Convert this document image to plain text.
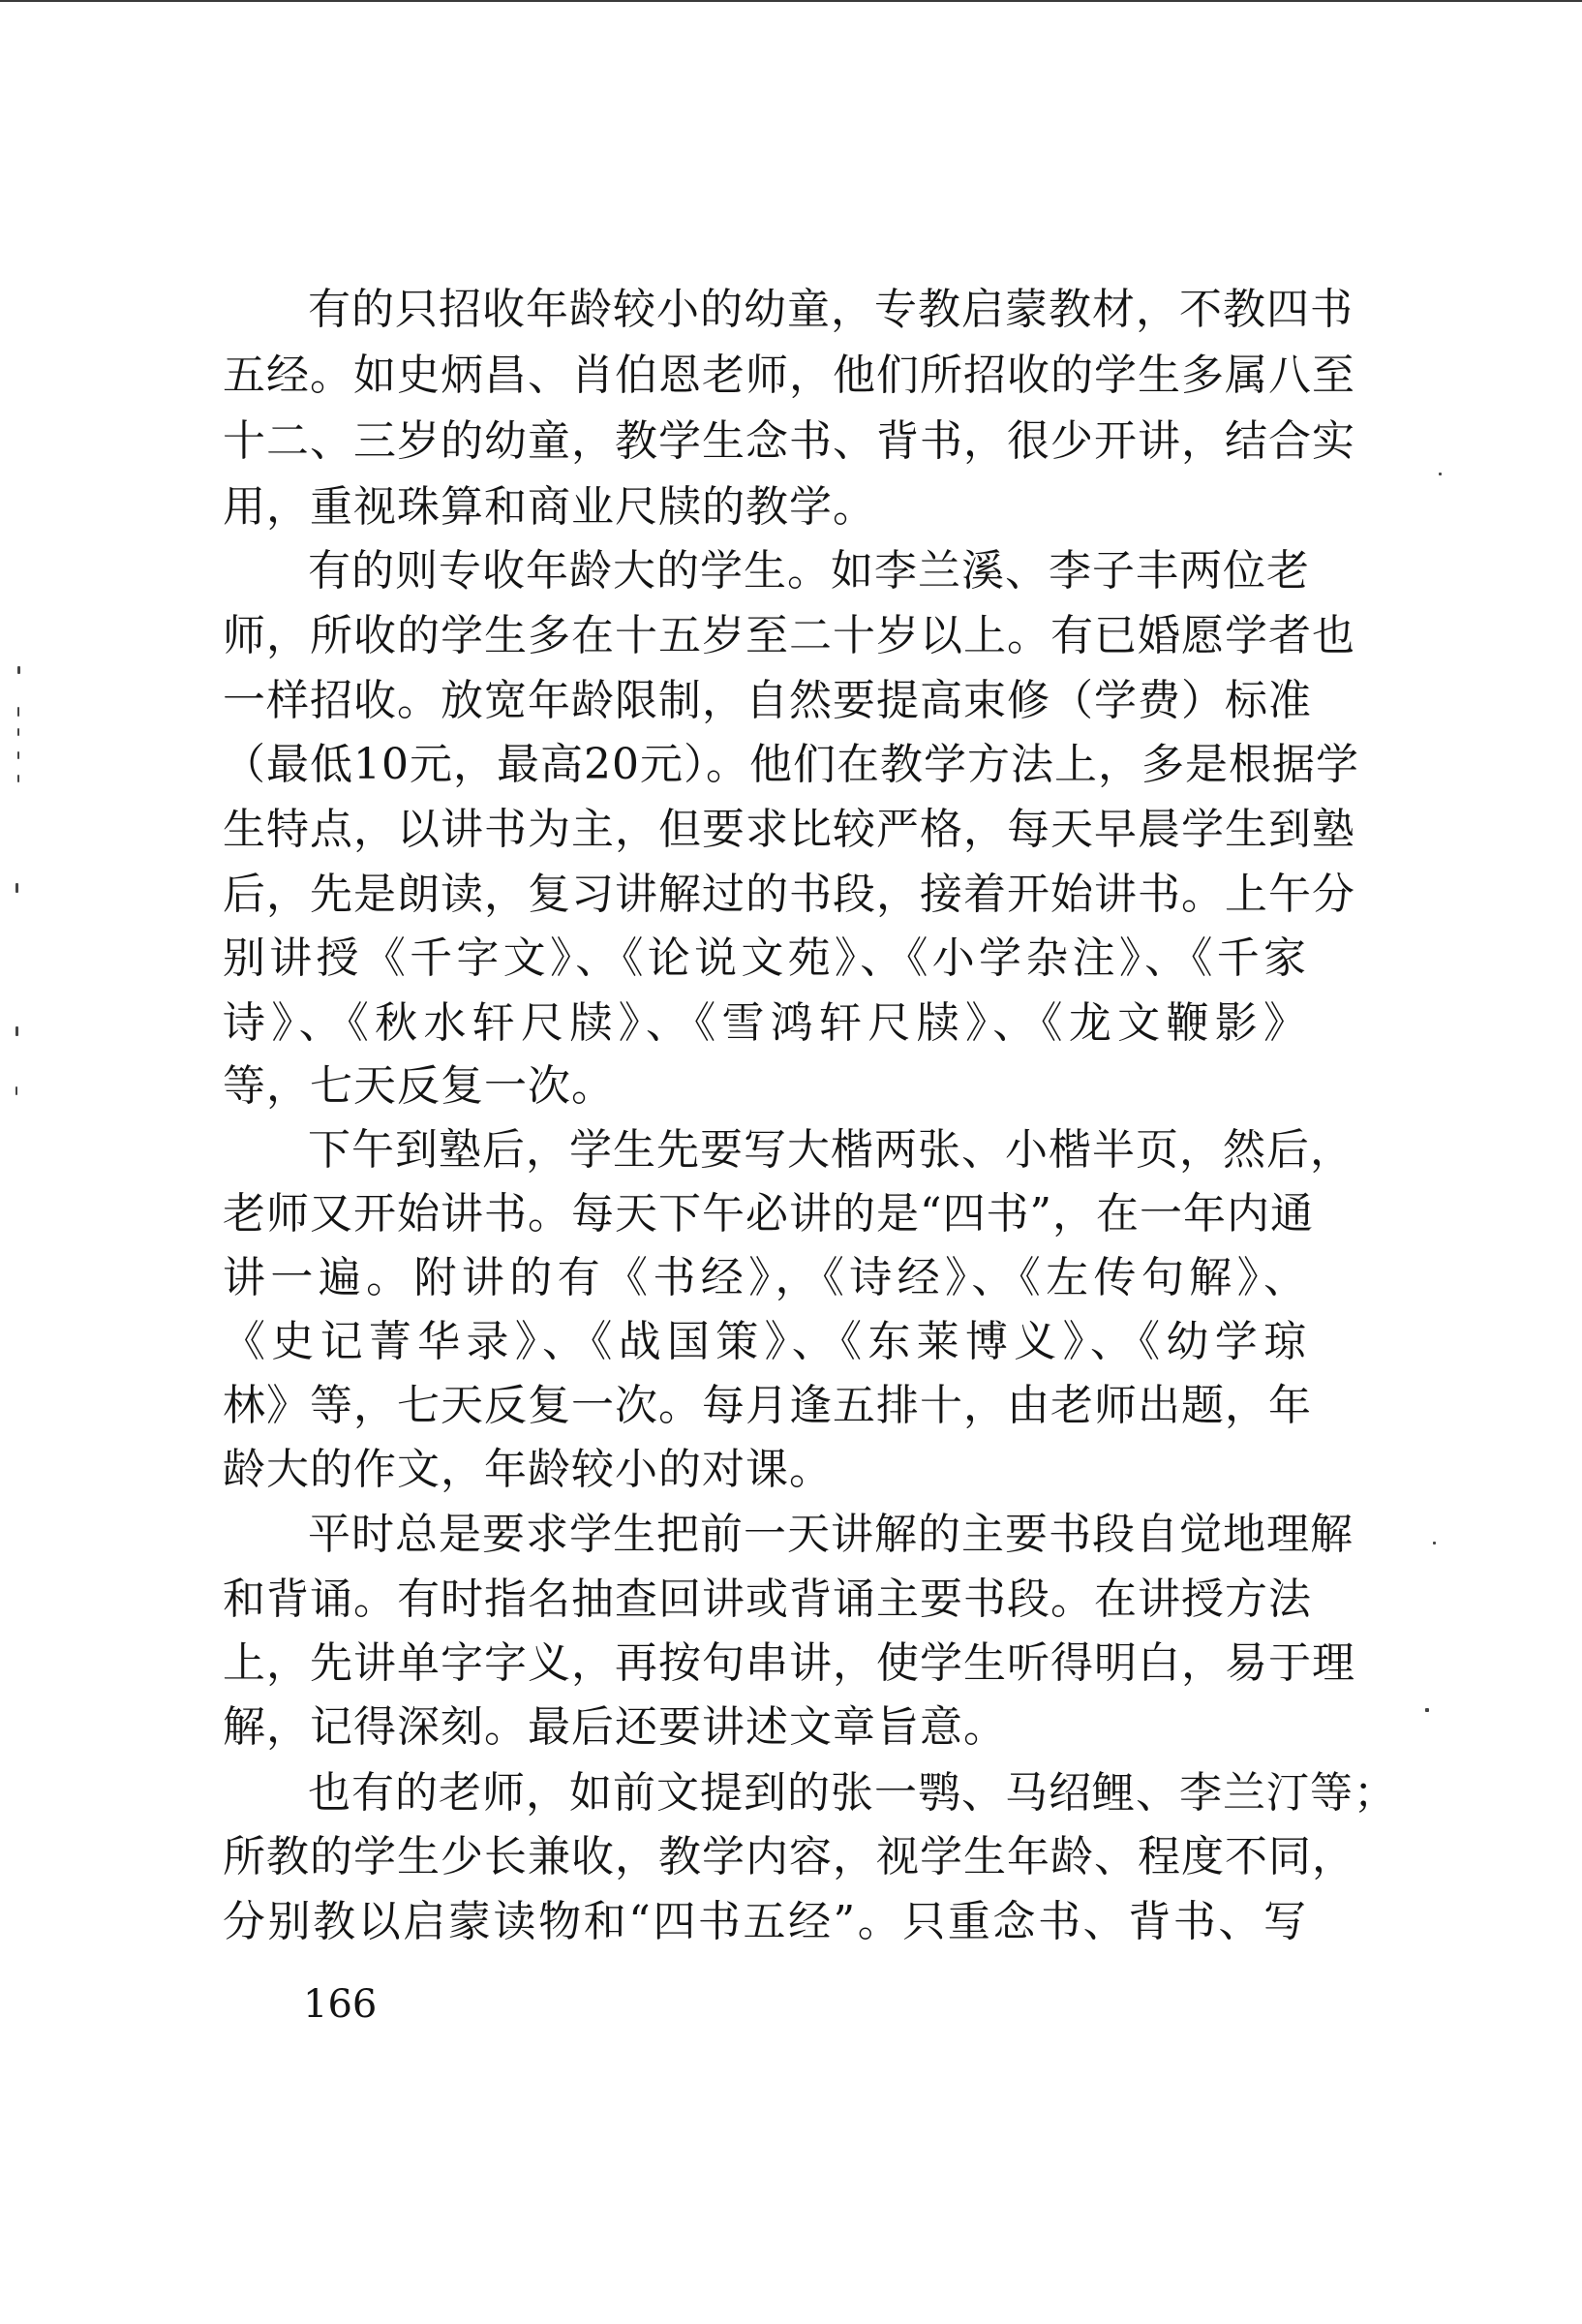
有的只招收年龄较小的幼童，专教启蒙教材，不教四书
五经。如史炳昌、肖伯恩老师，他们所招收的学生多属八至
十二、三岁的幼童，教学生念书、背书，很少开讲，结合实
用，重视珠算和商业尺牍的教学。
有的则专收年龄大的学生。如李兰溪、李子丰两位老
师，所收的学生多在十五岁至二十岁以上。有已婚愿学者也
一样招收。放宽年龄限制，自然要提高束修（学费）标准
（最低10元，最高20元）。他们在教学方法上，多是根据学
生特点，以讲书为主，但要求比较严格，每天早晨学生到塾
后，先是朗读，复习讲解过的书段，接着开始讲书。上午分
别讲授《千字文》、《论说文苑》、《小学杂注》、《千家
诗》、《秋水轩尺牍》、《雪鸿轩尺牍》、《龙文鞭影》
等，七天反复一次。
下午到塾后，学生先要写大楷两张、小楷半页，然后，
老师又开始讲书。每天下午必讲的是“四书”，在一年内通
讲一遍。附讲的有《书经》，《诗经》、《左传句解》、
《史记菁华录》、《战国策》、《东莱博义》、《幼学琼
林》等，七天反复一次。每月逢五排十，由老师出题，年
龄大的作文，年龄较小的对课。
平时总是要求学生把前一天讲解的主要书段自觉地理解
和背诵。有时指名抽查回讲或背诵主要书段。在讲授方法
上，先讲单字字义，再按句串讲，使学生听得明白，易于理
解，记得深刻。最后还要讲述文章旨意。
也有的老师，如前文提到的张一鹗、马绍鲤、李兰汀等；
所教的学生少长兼收，教学内容，视学生年龄、程度不同，
分别教以启蒙读物和“四书五经”。只重念书、背书、写
166
